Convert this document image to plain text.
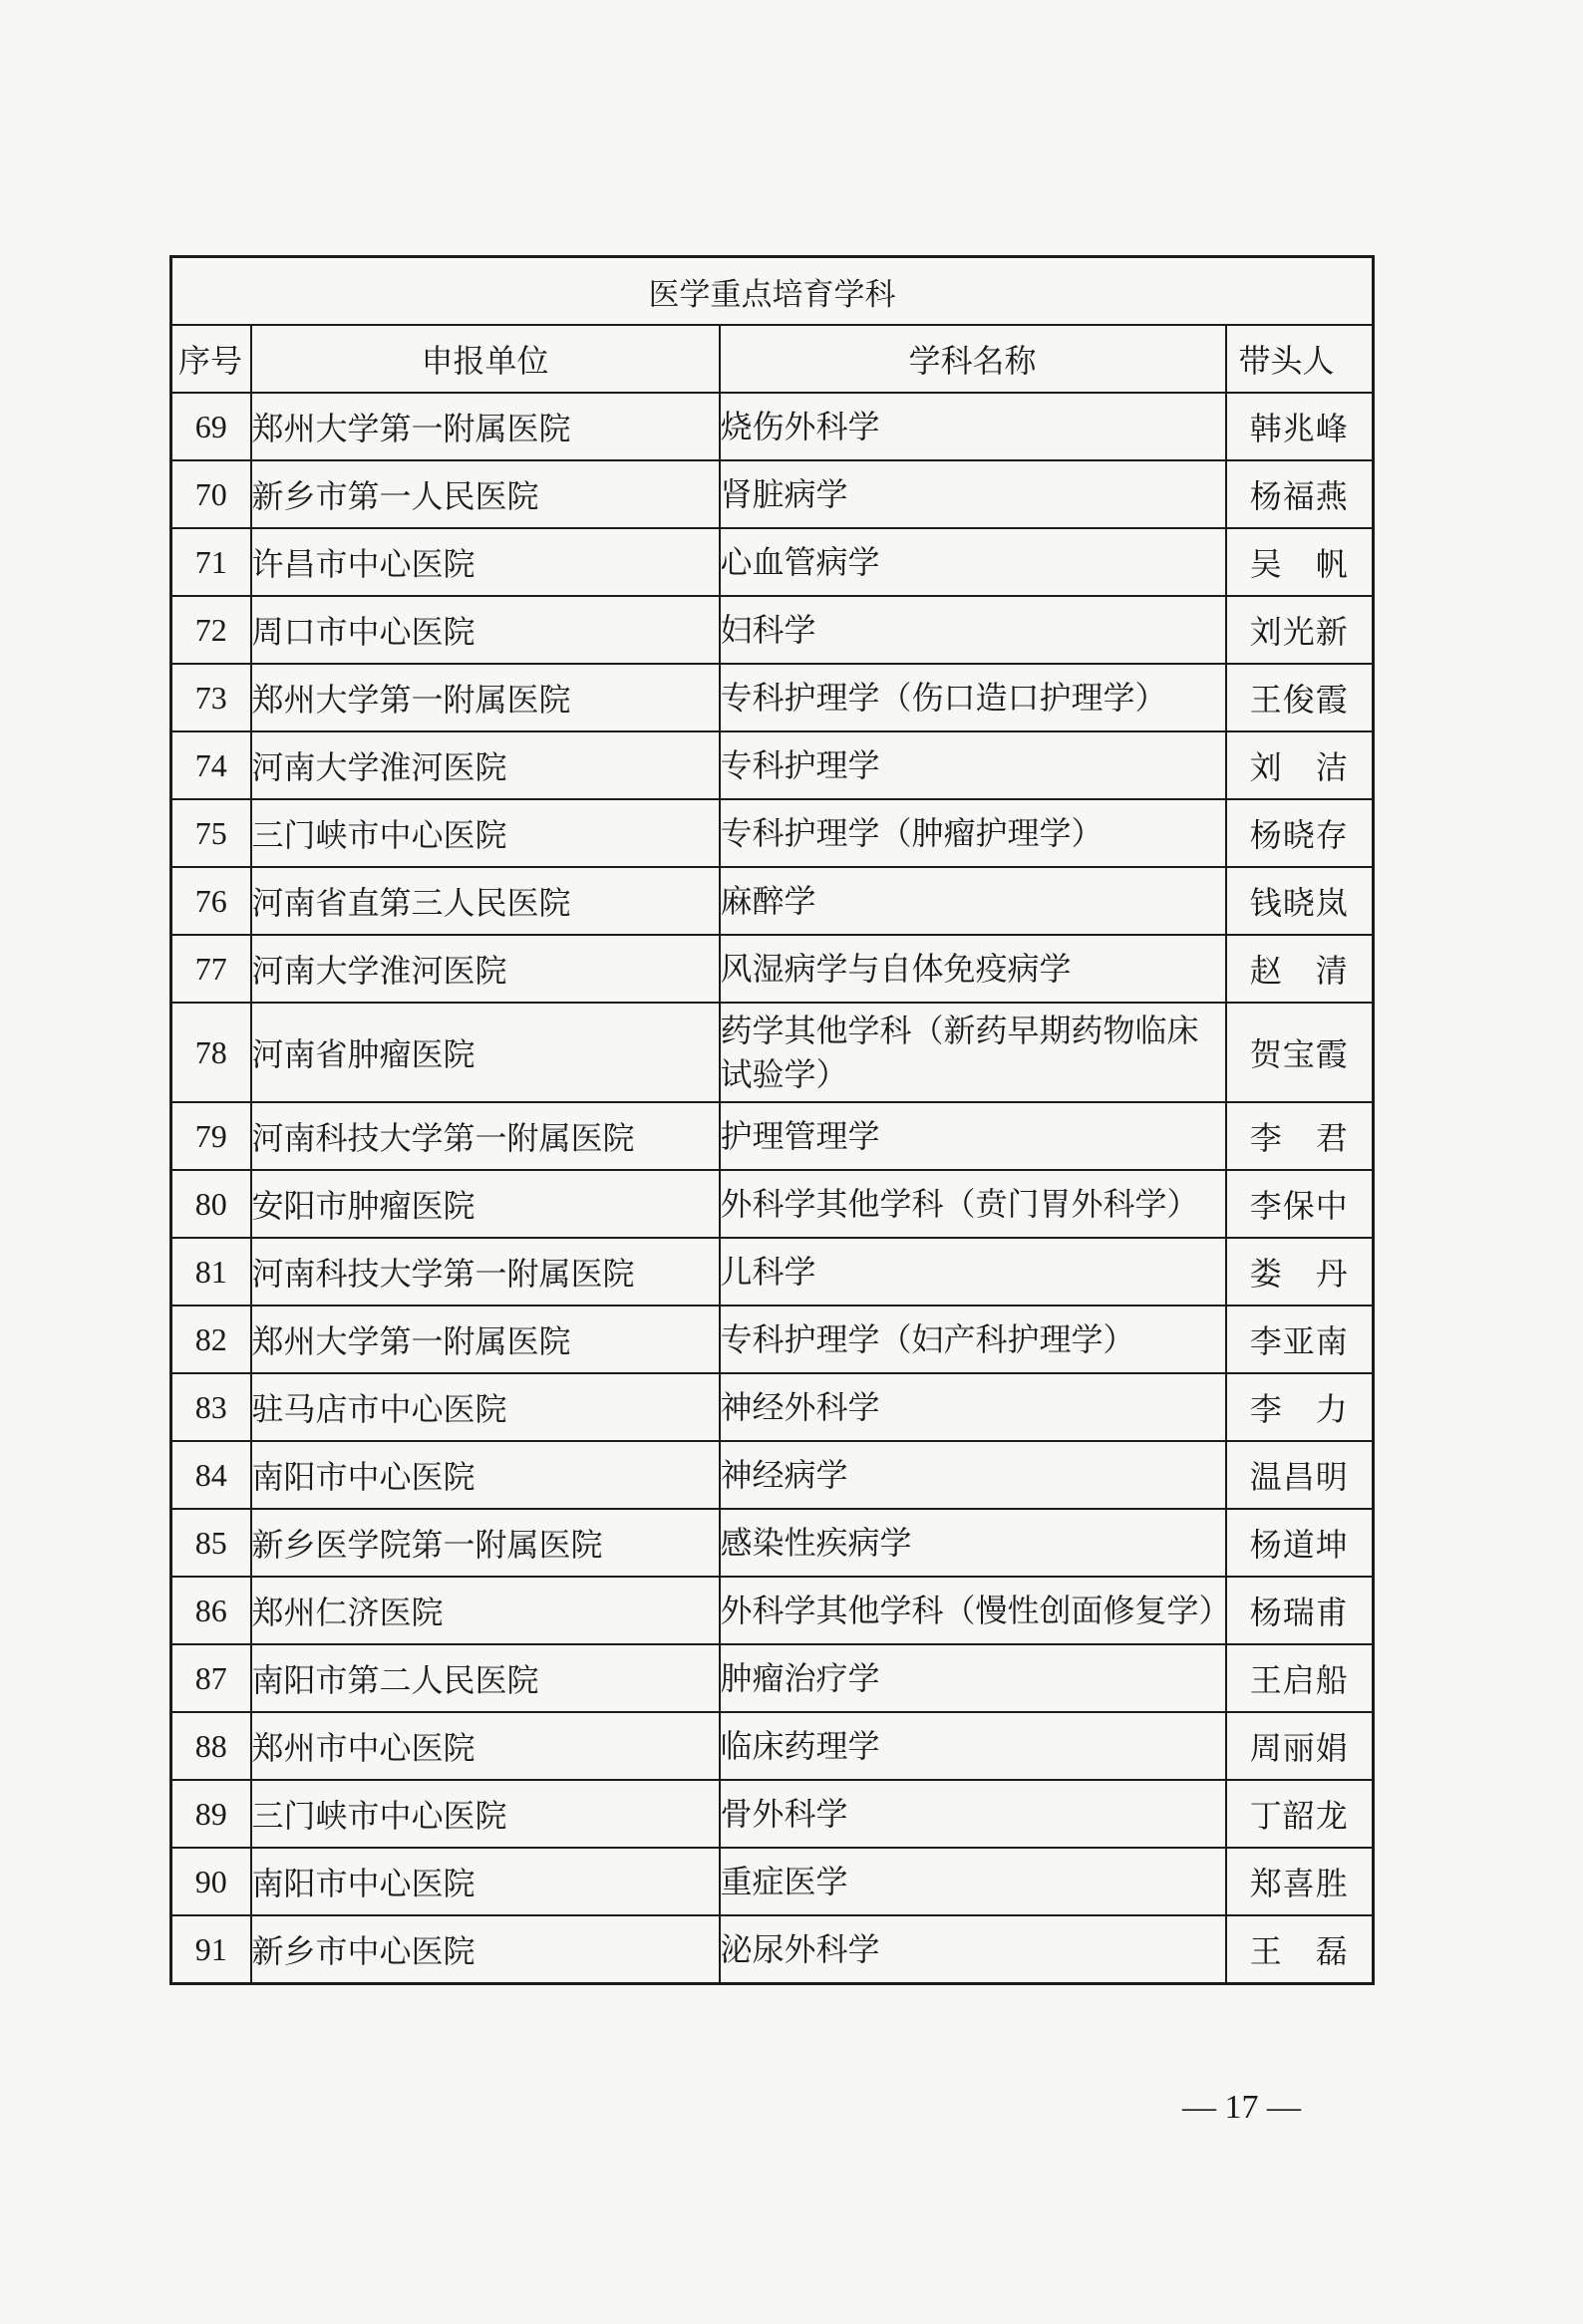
医学重点培育学科			
序号	申报单位	学科名称	带头人
69	郑州大学第一附属医院	烧伤外科学	韩兆峰
70	新乡市第一人民医院	肾脏病学	杨福燕
71	许昌市中心医院	心血管病学	吴　帆
72	周口市中心医院	妇科学	刘光新
73	郑州大学第一附属医院	专科护理学（伤口造口护理学）	王俊霞
74	河南大学淮河医院	专科护理学	刘　洁
75	三门峡市中心医院	专科护理学（肿瘤护理学）	杨晓存
76	河南省直第三人民医院	麻醉学	钱晓岚
77	河南大学淮河医院	风湿病学与自体免疫病学	赵　清
78	河南省肿瘤医院	药学其他学科（新药早期药物临床试验学）	贺宝霞
79	河南科技大学第一附属医院	护理管理学	李　君
80	安阳市肿瘤医院	外科学其他学科（贲门胃外科学）	李保中
81	河南科技大学第一附属医院	儿科学	娄　丹
82	郑州大学第一附属医院	专科护理学（妇产科护理学）	李亚南
83	驻马店市中心医院	神经外科学	李　力
84	南阳市中心医院	神经病学	温昌明
85	新乡医学院第一附属医院	感染性疾病学	杨道坤
86	郑州仁济医院	外科学其他学科（慢性创面修复学）	杨瑞甫
87	南阳市第二人民医院	肿瘤治疗学	王启船
88	郑州市中心医院	临床药理学	周丽娟
89	三门峡市中心医院	骨外科学	丁韶龙
90	南阳市中心医院	重症医学	郑喜胜
91	新乡市中心医院	泌尿外科学	王　磊
— 17 —
